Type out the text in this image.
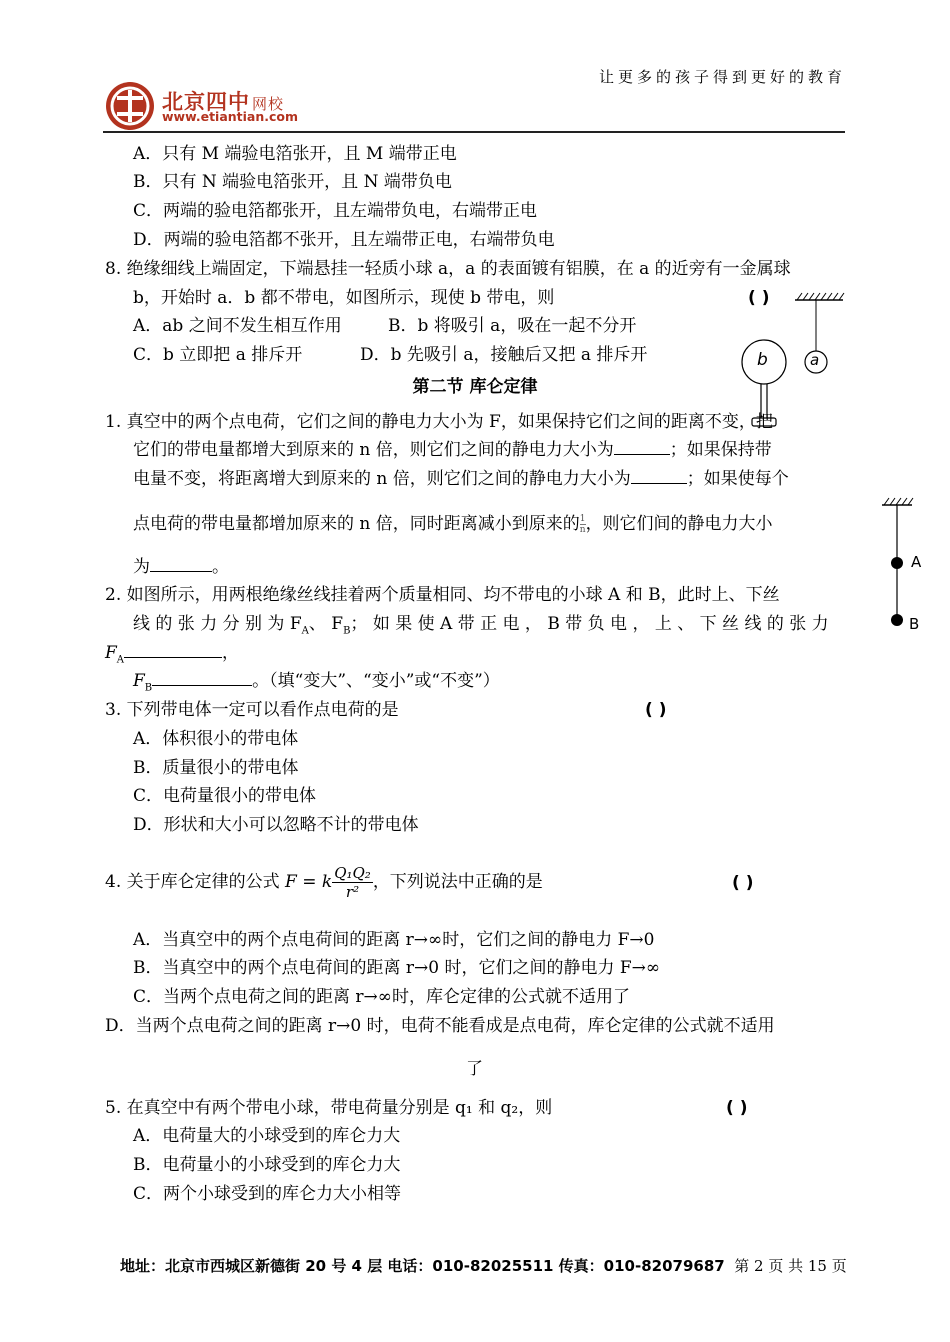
让更多的孩子得到更好的教育
北京四中 网校
www.etiantian.com
A．只有 M 端验电箔张开，且 M 端带正电
B．只有 N 端验电箔张开，且 N 端带负电
C．两端的验电箔都张开，且左端带负电，右端带正电
D．两端的验电箔都不张开，且左端带正电，右端带负电
8. 绝缘细线上端固定，下端悬挂一轻质小球 a，a 的表面镀有铝膜，在 a 的近旁有一金属球
b，开始时 a．b 都不带电，如图所示，现使 b 带电，则	( )
A．ab 之间不发生相互作用	B．b 将吸引 a，吸在一起不分开
C．b 立即把 a 排斥开	D．b 先吸引 a，接触后又把 a 排斥开	b	a
第二节 库仑定律
1. 真空中的两个点电荷，它们之间的静电力大小为 F，如果保持它们之间的距离不变，把
它们的带电量都增大到原来的 n 倍，则它们之间的静电力大小为	；如果保持带
电量不变，将距离增大到原来的 n 倍，则它们之间的静电力大小为	；如果使每个
点电荷的带电量都增加原来的 n 倍，同时距离减小到原来的 $\frac{1}{n}$ ，则它们间的静电力大小
为	。
2. 如图所示，用两根绝缘丝线挂着两个质量相同、均不带电的小球 A 和 B，此时上、下丝
线 的 张 力 分 别 为 $F_A$、 $F_B$； 如 果 使 A 带 正 电 ， B 带 负 电 ， 上 、 下 丝 线 的 张 力
$F_A$	，
$F_B$	。（填“变大”、“变小”或“不变”）
A
B
3. 下列带电体一定可以看作点电荷的是	( )
A．体积很小的带电体
B．质量很小的带电体
C．电荷量很小的带电体
D．形状和大小可以忽略不计的带电体
4. 关于库仑定律的公式 F = k $\frac{\text{Q₁Q₂}}{\text{r²}}$ ，下列说法中正确的是	( )
A．当真空中的两个点电荷间的距离 r→∞时，它们之间的静电力 F→0
B．当真空中的两个点电荷间的距离 r→0 时，它们之间的静电力 F→∞
C．当两个点电荷之间的距离 r→∞时，库仑定律的公式就不适用了
D．当两个点电荷之间的距离 r→0 时，电荷不能看成是点电荷，库仑定律的公式就不适用
了
5. 在真空中有两个带电小球，带电荷量分别是 q₁ 和 q₂，则	( )
A．电荷量大的小球受到的库仑力大
B．电荷量小的小球受到的库仑力大
C．两个小球受到的库仑力大小相等
地址：北京市西城区新德街 20 号 4 层 电话：010-82025511 传真：010-82079687 第 2 页 共 15 页
